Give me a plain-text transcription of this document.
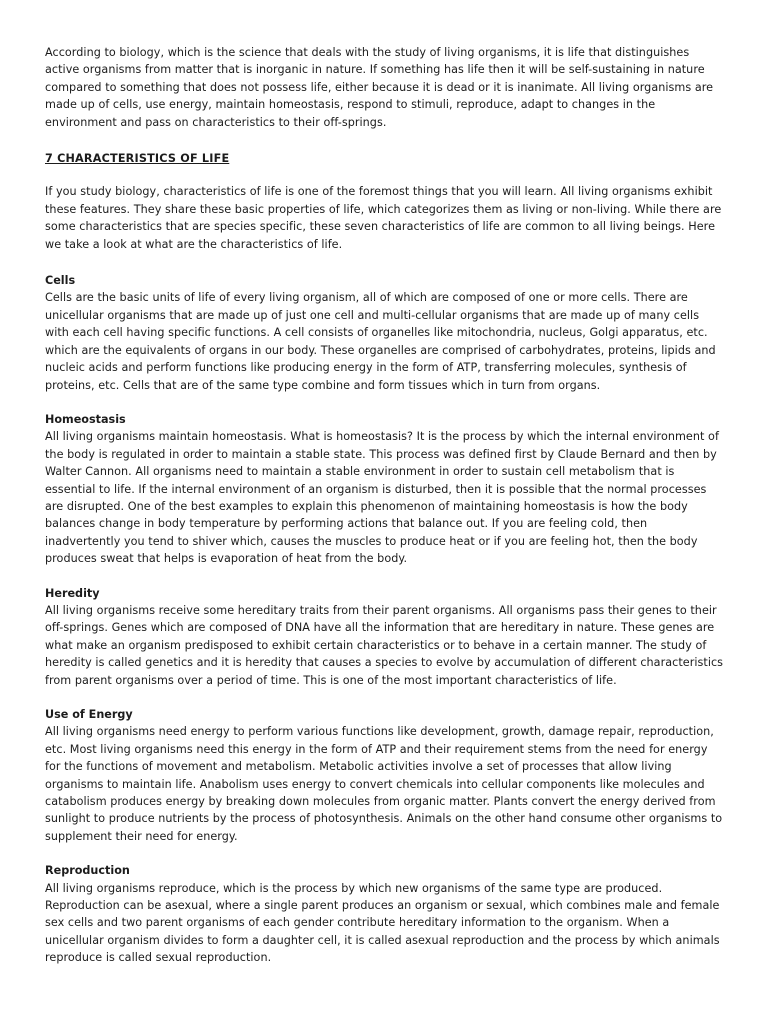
According to biology, which is the science that deals with the study of living organisms, it is life that distinguishes active organisms from matter that is inorganic in nature. If something has life then it will be self-sustaining in nature compared to something that does not possess life, either because it is dead or it is inanimate. All living organisms are made up of cells, use energy, maintain homeostasis, respond to stimuli, reproduce, adapt to changes in the environment and pass on characteristics to their off-springs.

7 CHARACTERISTICS OF LIFE

If you study biology, characteristics of life is one of the foremost things that you will learn. All living organisms exhibit these features. They share these basic properties of life, which categorizes them as living or non-living. While there are some characteristics that are species specific, these seven characteristics of life are common to all living beings. Here we take a look at what are the characteristics of life.

Cells

Cells are the basic units of life of every living organism, all of which are composed of one or more cells. There are unicellular organisms that are made up of just one cell and multi-cellular organisms that are made up of many cells with each cell having specific functions. A cell consists of organelles like mitochondria, nucleus, Golgi apparatus, etc. which are the equivalents of organs in our body. These organelles are comprised of carbohydrates, proteins, lipids and nucleic acids and perform functions like producing energy in the form of ATP, transferring molecules, synthesis of proteins, etc. Cells that are of the same type combine and form tissues which in turn from organs.

Homeostasis

All living organisms maintain homeostasis. What is homeostasis? It is the process by which the internal environment of the body is regulated in order to maintain a stable state. This process was defined first by Claude Bernard and then by Walter Cannon. All organisms need to maintain a stable environment in order to sustain cell metabolism that is essential to life. If the internal environment of an organism is disturbed, then it is possible that the normal processes are disrupted. One of the best examples to explain this phenomenon of maintaining homeostasis is how the body balances change in body temperature by performing actions that balance out. If you are feeling cold, then inadvertently you tend to shiver which, causes the muscles to produce heat or if you are feeling hot, then the body produces sweat that helps is evaporation of heat from the body.

Heredity

All living organisms receive some hereditary traits from their parent organisms. All organisms pass their genes to their off-springs. Genes which are composed of DNA have all the information that are hereditary in nature. These genes are what make an organism predisposed to exhibit certain characteristics or to behave in a certain manner. The study of heredity is called genetics and it is heredity that causes a species to evolve by accumulation of different characteristics from parent organisms over a period of time. This is one of the most important characteristics of life.

Use of Energy

All living organisms need energy to perform various functions like development, growth, damage repair, reproduction, etc. Most living organisms need this energy in the form of ATP and their requirement stems from the need for energy for the functions of movement and metabolism. Metabolic activities involve a set of processes that allow living organisms to maintain life. Anabolism uses energy to convert chemicals into cellular components like molecules and catabolism produces energy by breaking down molecules from organic matter. Plants convert the energy derived from sunlight to produce nutrients by the process of photosynthesis. Animals on the other hand consume other organisms to supplement their need for energy.

Reproduction

All living organisms reproduce, which is the process by which new organisms of the same type are produced. Reproduction can be asexual, where a single parent produces an organism or sexual, which combines male and female sex cells and two parent organisms of each gender contribute hereditary information to the organism. When a unicellular organism divides to form a daughter cell, it is called asexual reproduction and the process by which animals reproduce is called sexual reproduction.
